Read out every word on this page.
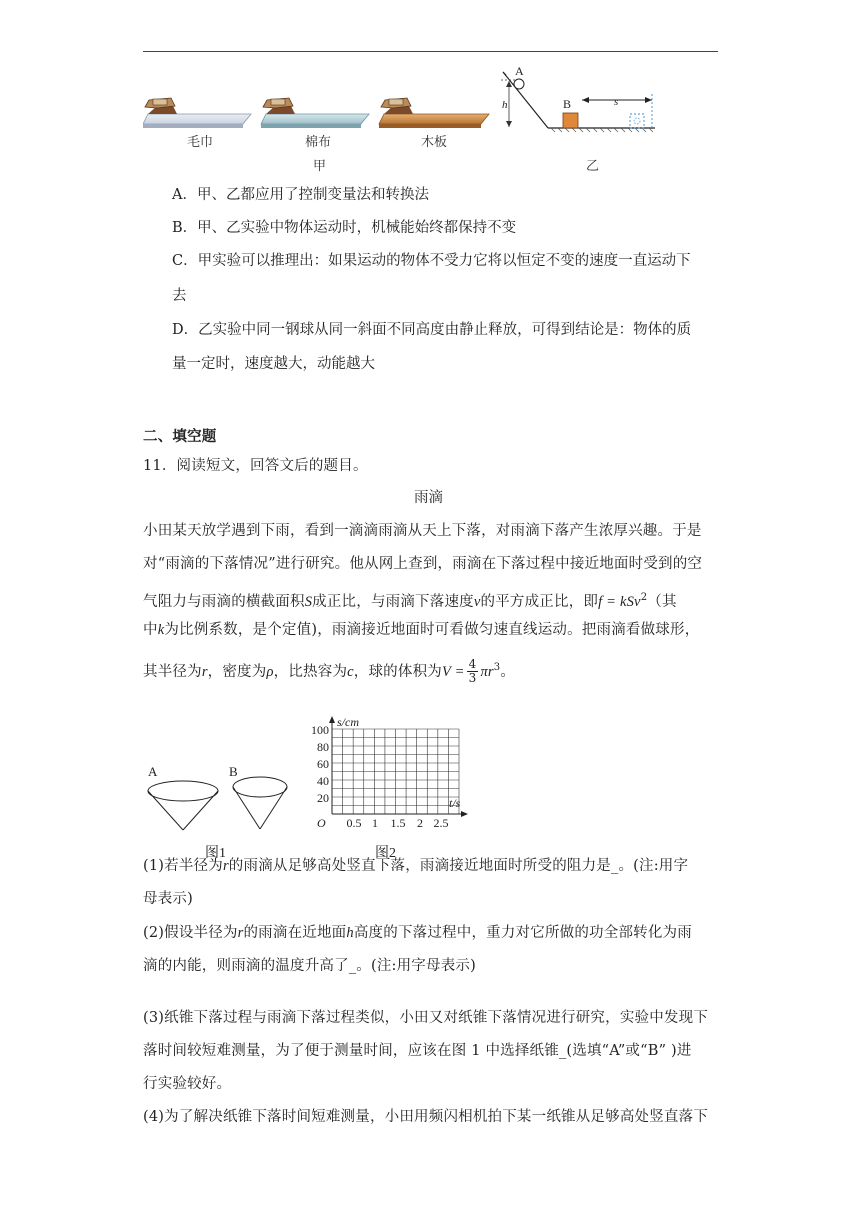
毛巾	棉布	木板
甲
A
h	B	s
乙
A．甲、乙都应用了控制变量法和转换法
B．甲、乙实验中物体运动时，机械能始终都保持不变
C．甲实验可以推理出：如果运动的物体不受力它将以恒定不变的速度一直运动下
去
D．乙实验中同一钢球从同一斜面不同高度由静止释放，可得到结论是：物体的质
量一定时，速度越大，动能越大
二、填空题
11．阅读短文，回答文后的题目。
雨滴
小田某天放学遇到下雨，看到一滴滴雨滴从天上下落，对雨滴下落产生浓厚兴趣。于是
对“雨滴的下落情况”进行研究。他从网上查到，雨滴在下落过程中接近地面时受到的空
气阻力与雨滴的横截面积S成正比，与雨滴下落速度v的平方成正比，即f = kSv$^2$（其
中k为比例系数，是个定值)，雨滴接近地面时可看做匀速直线运动。把雨滴看做球形，
其半径为r，密度为ρ，比热容为c，球的体积为$V = \frac{4}{3} \pi r^3$。
A	B
图1
s/cm
t/s
O
20
40
60
80
100
0.5 1 1.5 2 2.5
图2
(1)若半径为r的雨滴从足够高处竖直下落，雨滴接近地面时所受的阻力是_。(注:用字
母表示)
(2)假设半径为r的雨滴在近地面h高度的下落过程中，重力对它所做的功全部转化为雨
滴的内能，则雨滴的温度升高了_。(注:用字母表示)
(3)纸锥下落过程与雨滴下落过程类似，小田又对纸锥下落情况进行研究，实验中发现下
落时间较短难测量，为了便于测量时间，应该在图 1 中选择纸锥_(选填“A”或“B” )进
行实验较好。
(4)为了解决纸锥下落时间短难测量，小田用频闪相机拍下某一纸锥从足够高处竖直落下
